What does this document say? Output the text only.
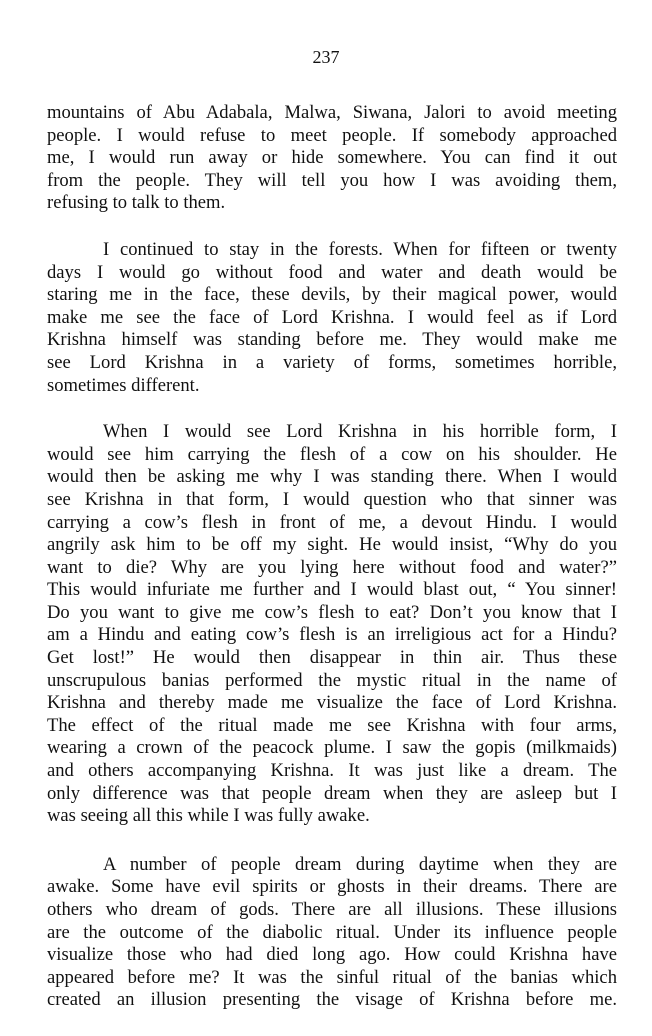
237
mountains of Abu Adabala, Malwa, Siwana, Jalori to avoid meeting
people. I would refuse to meet people. If somebody approached
me, I would run away or hide somewhere. You can find it out
from the people. They will tell you how I was avoiding them,
refusing to talk to them.
I continued to stay in the forests. When for fifteen or twenty
days I would go without food and water and death would be
staring me in the face, these devils, by their magical power, would
make me see the face of Lord Krishna. I would feel as if Lord
Krishna himself was standing before me. They would make me
see Lord Krishna in a variety of forms, sometimes horrible,
sometimes different.
When I would see Lord Krishna in his horrible form, I
would see him carrying the flesh of a cow on his shoulder. He
would then be asking me why I was standing there. When I would
see Krishna in that form, I would question who that sinner was
carrying a cow’s flesh in front of me, a devout Hindu. I would
angrily ask him to be off my sight. He would insist, “Why do you
want to die? Why are you lying here without food and water?”
This would infuriate me further and I would blast out, “ You sinner!
Do you want to give me cow’s flesh to eat? Don’t you know that I
am a Hindu and eating cow’s flesh is an irreligious act for a Hindu?
Get lost!” He would then disappear in thin air. Thus these
unscrupulous banias performed the mystic ritual in the name of
Krishna and thereby made me visualize the face of Lord Krishna.
The effect of the ritual made me see Krishna with four arms,
wearing a crown of the peacock plume. I saw the gopis (milkmaids)
and others accompanying Krishna. It was just like a dream. The
only difference was that people dream when they are asleep but I
was seeing all this while I was fully awake.
A number of people dream during daytime when they are
awake. Some have evil spirits or ghosts in their dreams. There are
others who dream of gods. There are all illusions. These illusions
are the outcome of the diabolic ritual. Under its influence people
visualize those who had died long ago. How could Krishna have
appeared before me? It was the sinful ritual of the banias which
created an illusion presenting the visage of Krishna before me.
